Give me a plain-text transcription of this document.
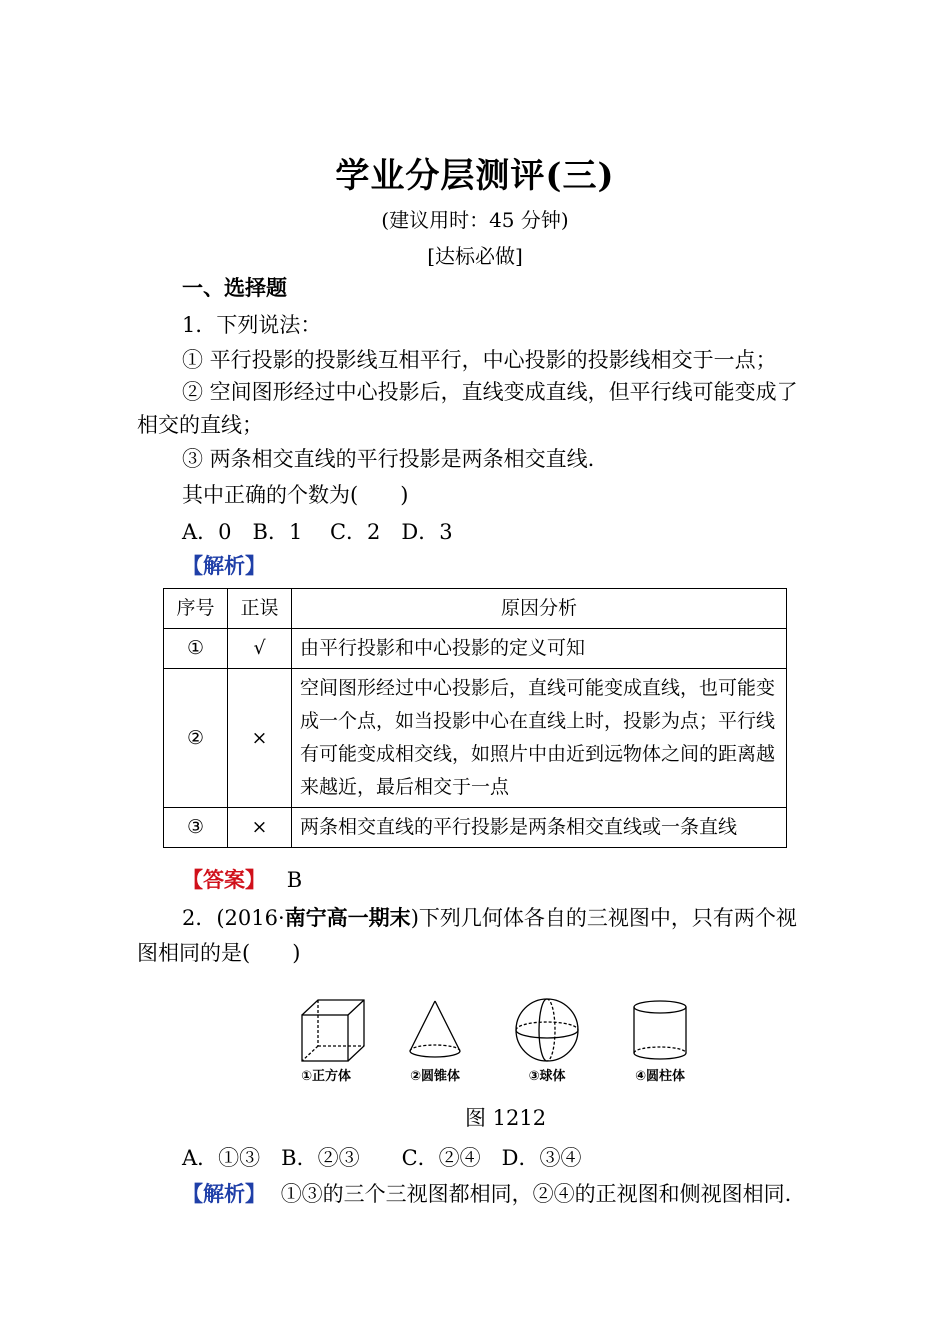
学业分层测评(三)
(建议用时：45 分钟)
[达标必做]
一、选择题
1．下列说法：
① 平行投影的投影线互相平行，中心投影的投影线相交于一点；
② 空间图形经过中心投影后，直线变成直线，但平行线可能变成了
相交的直线；
③ 两条相交直线的平行投影是两条相交直线.
其中正确的个数为(　　)
A．0　B．1　 C．2　D．3
【解析】
序号	正误	原因分析
①	√	由平行投影和中心投影的定义可知
②	×	空间图形经过中心投影后，直线可能变成直线，也可能变成一个点，如当投影中心在直线上时，投影为点；平行线有可能变成相交线，如照片中由近到远物体之间的距离越来越近，最后相交于一点
③	×	两条相交直线的平行投影是两条相交直线或一条直线
【答案】 B
2．(2016·南宁高一期末)下列几何体各自的三视图中，只有两个视
图相同的是(　　)
①正方体	②圆锥体	③球体	④圆柱体
图 1212
A．①③　B．②③　　C．②④　D．③④
【解析】 ①③的三个三视图都相同，②④的正视图和侧视图相同.
